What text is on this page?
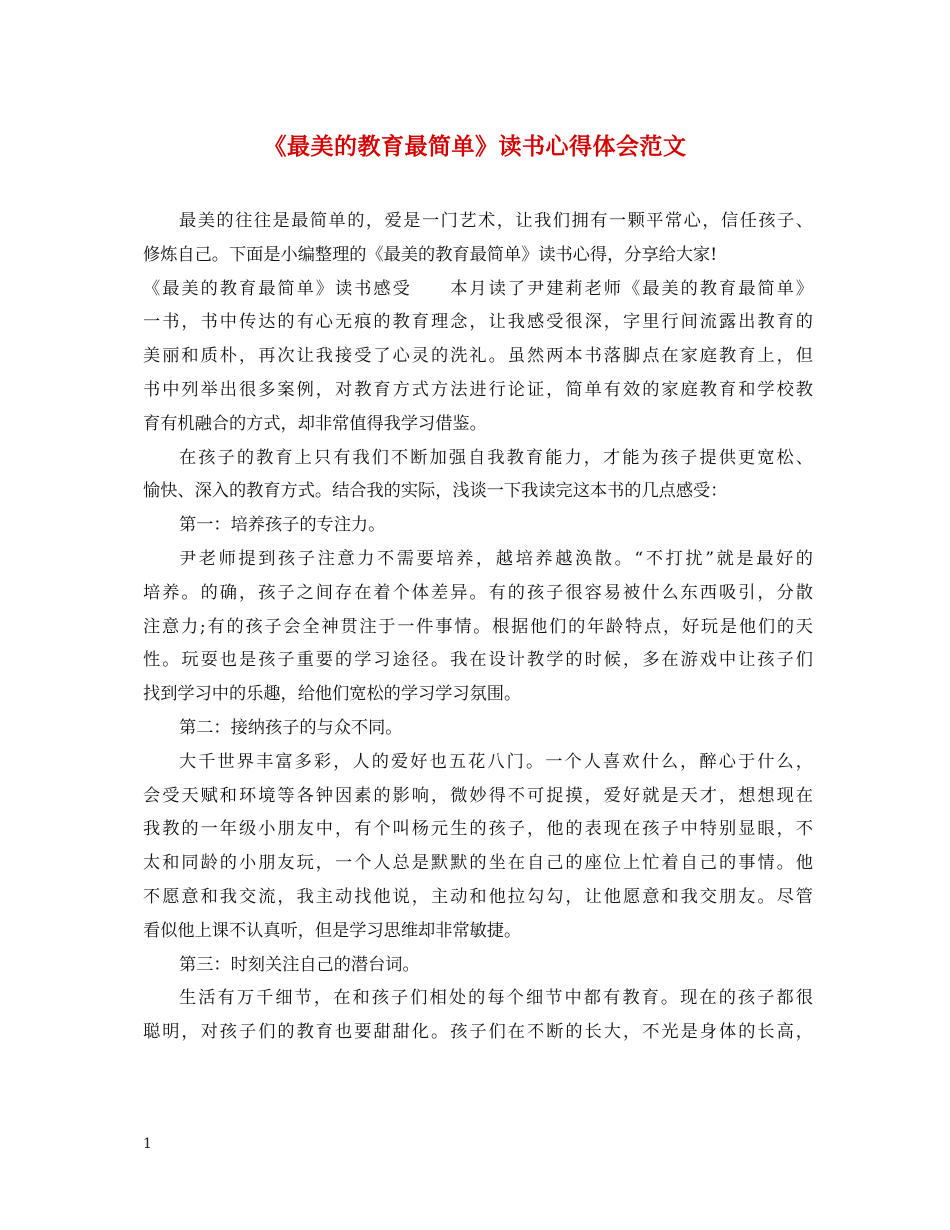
《最美的教育最简单》读书心得体会范文
最美的往往是最简单的，爱是一门艺术，让我们拥有一颗平常心，信任孩子、
修炼自己。下面是小编整理的《最美的教育最简单》读书心得，分享给大家!
《最美的教育最简单》读书感受　　本月读了尹建莉老师《最美的教育最简单》
一书，书中传达的有心无痕的教育理念，让我感受很深，字里行间流露出教育的
美丽和质朴，再次让我接受了心灵的洗礼。虽然两本书落脚点在家庭教育上，但
书中列举出很多案例，对教育方式方法进行论证，简单有效的家庭教育和学校教
育有机融合的方式，却非常值得我学习借鉴。
在孩子的教育上只有我们不断加强自我教育能力，才能为孩子提供更宽松、
愉快、深入的教育方式。结合我的实际，浅谈一下我读完这本书的几点感受：
第一：培养孩子的专注力。
尹老师提到孩子注意力不需要培养，越培养越涣散。“不打扰”就是最好的
培养。的确，孩子之间存在着个体差异。有的孩子很容易被什么东西吸引，分散
注意力;有的孩子会全神贯注于一件事情。根据他们的年龄特点，好玩是他们的天
性。玩耍也是孩子重要的学习途径。我在设计教学的时候，多在游戏中让孩子们
找到学习中的乐趣，给他们宽松的学习学习氛围。
第二：接纳孩子的与众不同。
大千世界丰富多彩，人的爱好也五花八门。一个人喜欢什么，醉心于什么，
会受天赋和环境等各钟因素的影响，微妙得不可捉摸，爱好就是天才，想想现在
我教的一年级小朋友中，有个叫杨元生的孩子，他的表现在孩子中特别显眼，不
太和同龄的小朋友玩，一个人总是默默的坐在自己的座位上忙着自己的事情。他
不愿意和我交流，我主动找他说，主动和他拉勾勾，让他愿意和我交朋友。尽管
看似他上课不认真听，但是学习思维却非常敏捷。
第三：时刻关注自己的潜台词。
生活有万千细节，在和孩子们相处的每个细节中都有教育。现在的孩子都很
聪明，对孩子们的教育也要甜甜化。孩子们在不断的长大，不光是身体的长高，
1
